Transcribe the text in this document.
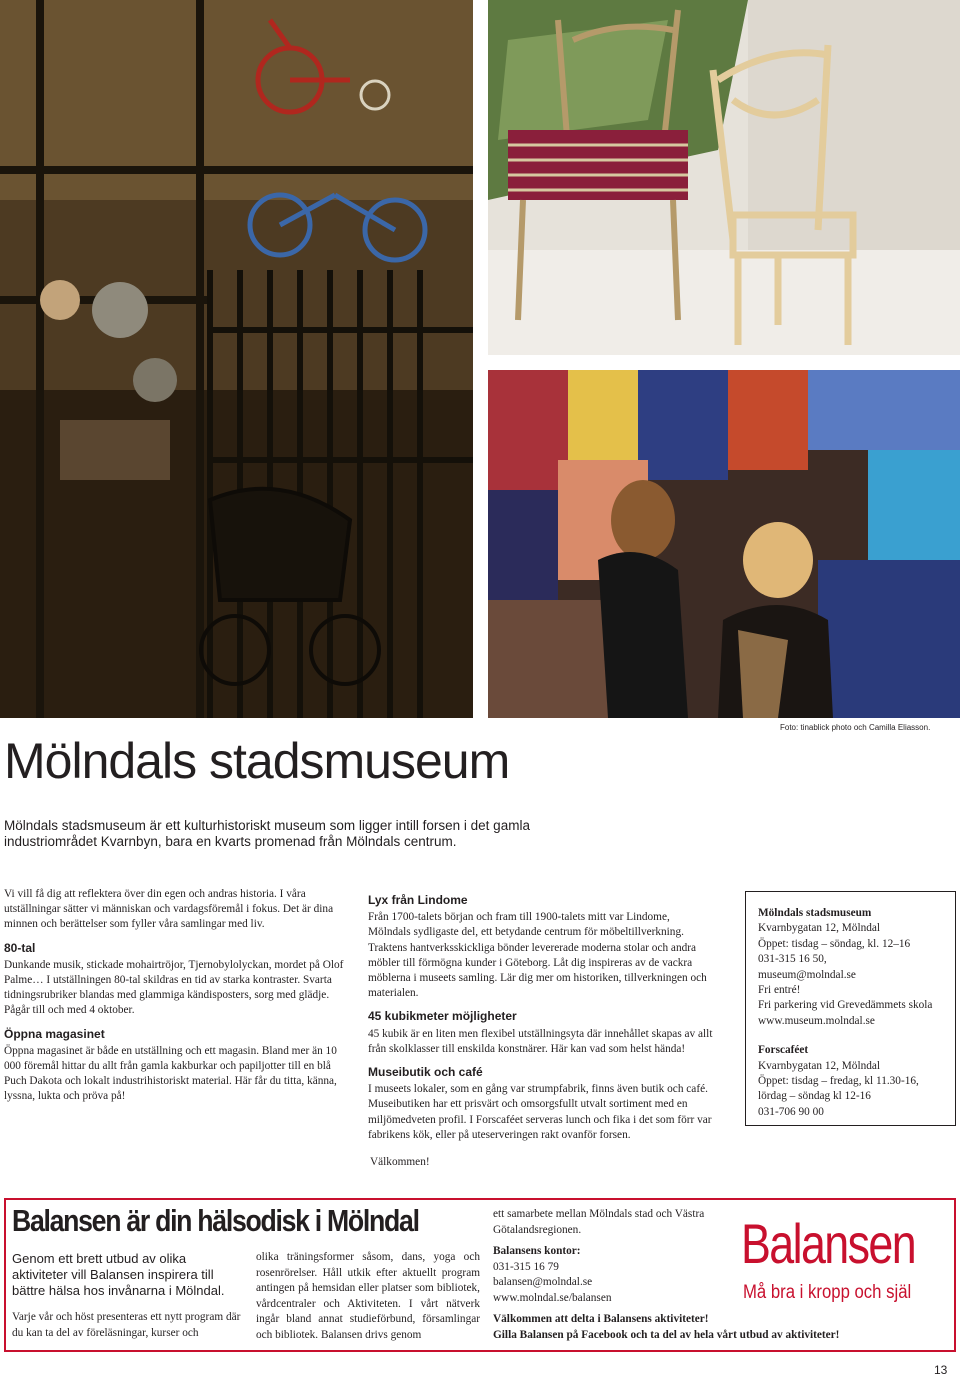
Foto: tinablick photo och Camilla Eliasson.
Mölndals stadsmuseum

Mölndals stadsmuseum är ett kulturhistoriskt museum som ligger intill forsen i det gamla industriområdet Kvarnbyn, bara en kvarts promenad från Mölndals centrum.

Vi vill få dig att reflektera över din egen och andras historia. I våra utställningar sätter vi människan och vardagsföremål i fokus. Det är dina minnen och berättelser som fyller våra samlingar med liv.

80-tal

Dunkande musik, stickade mohairtröjor, Tjernobylolyckan, mordet på Olof Palme… I utställningen 80-tal skildras en tid av starka kontraster. Svarta tidningsrubriker blandas med glammiga kändisposters, sorg med glädje. Pågår till och med 4 oktober.

Öppna magasinet

Öppna magasinet är både en utställning och ett magasin. Bland mer än 10 000 föremål hittar du allt från gamla kakburkar och papiljotter till en blå Puch Dakota och lokalt industrihistoriskt material. Här får du titta, känna, lyssna, lukta och pröva på!

Lyx från Lindome

Från 1700-talets början och fram till 1900-talets mitt var Lindome, Mölndals sydligaste del, ett betydande centrum för möbeltillverkning. Traktens hantverksskickliga bönder levererade moderna stolar och andra möbler till förmögna kunder i Göteborg. Låt dig inspireras av de vackra möblerna i museets samling. Lär dig mer om historiken, tillverkningen och materialen.

45 kubikmeter möjligheter

45 kubik är en liten men flexibel utställningsyta där innehållet skapas av allt från skolklasser till enskilda konstnärer. Här kan vad som helst hända!

Museibutik och café

I museets lokaler, som en gång var strumpfabrik, finns även butik och café. Museibutiken har ett prisvärt och omsorgsfullt utvalt sortiment med en miljömedveten profil. I Forscaféet serveras lunch och fika i det som förr var fabrikens kök, eller på uteserveringen rakt ovanför forsen.

Välkommen!
Mölndals stadsmuseum
Kvarnbygatan 12, Mölndal
Öppet: tisdag – söndag, kl. 12–16
031-315 16 50,
museum@molndal.se
Fri entré!
Fri parkering vid Grevedämmets skola
www.museum.molndal.se
Forscaféet
Kvarnbygatan 12, Mölndal
Öppet: tisdag – fredag, kl 11.30-16,
lördag – söndag kl 12-16
031-706 90 00
Balansen är din hälsodisk i Mölndal

Genom ett brett utbud av olika aktiviteter vill Balansen inspirera till bättre hälsa hos invånarna i Mölndal.

Varje vår och höst presenteras ett nytt program där du kan ta del av föreläsningar, kurser och

olika träningsformer såsom, dans, yoga och rosenrörelser. Håll utkik efter aktuellt program antingen på hemsidan eller platser som bibliotek, vårdcentraler och Aktiviteten. I vårt nätverk ingår bland annat studieförbund, församlingar och bibliotek. Balansen drivs genom

ett samarbete mellan Mölndals stad och Västra Götalandsregionen.

Balansens kontor:
031-315 16 79
balansen@molndal.se
www.molndal.se/balansen
Välkommen att delta i Balansens aktiviteter!
Gilla Balansen på Facebook och ta del av hela vårt utbud av aktiviteter!
Balansen
Må bra i kropp och själ
13
